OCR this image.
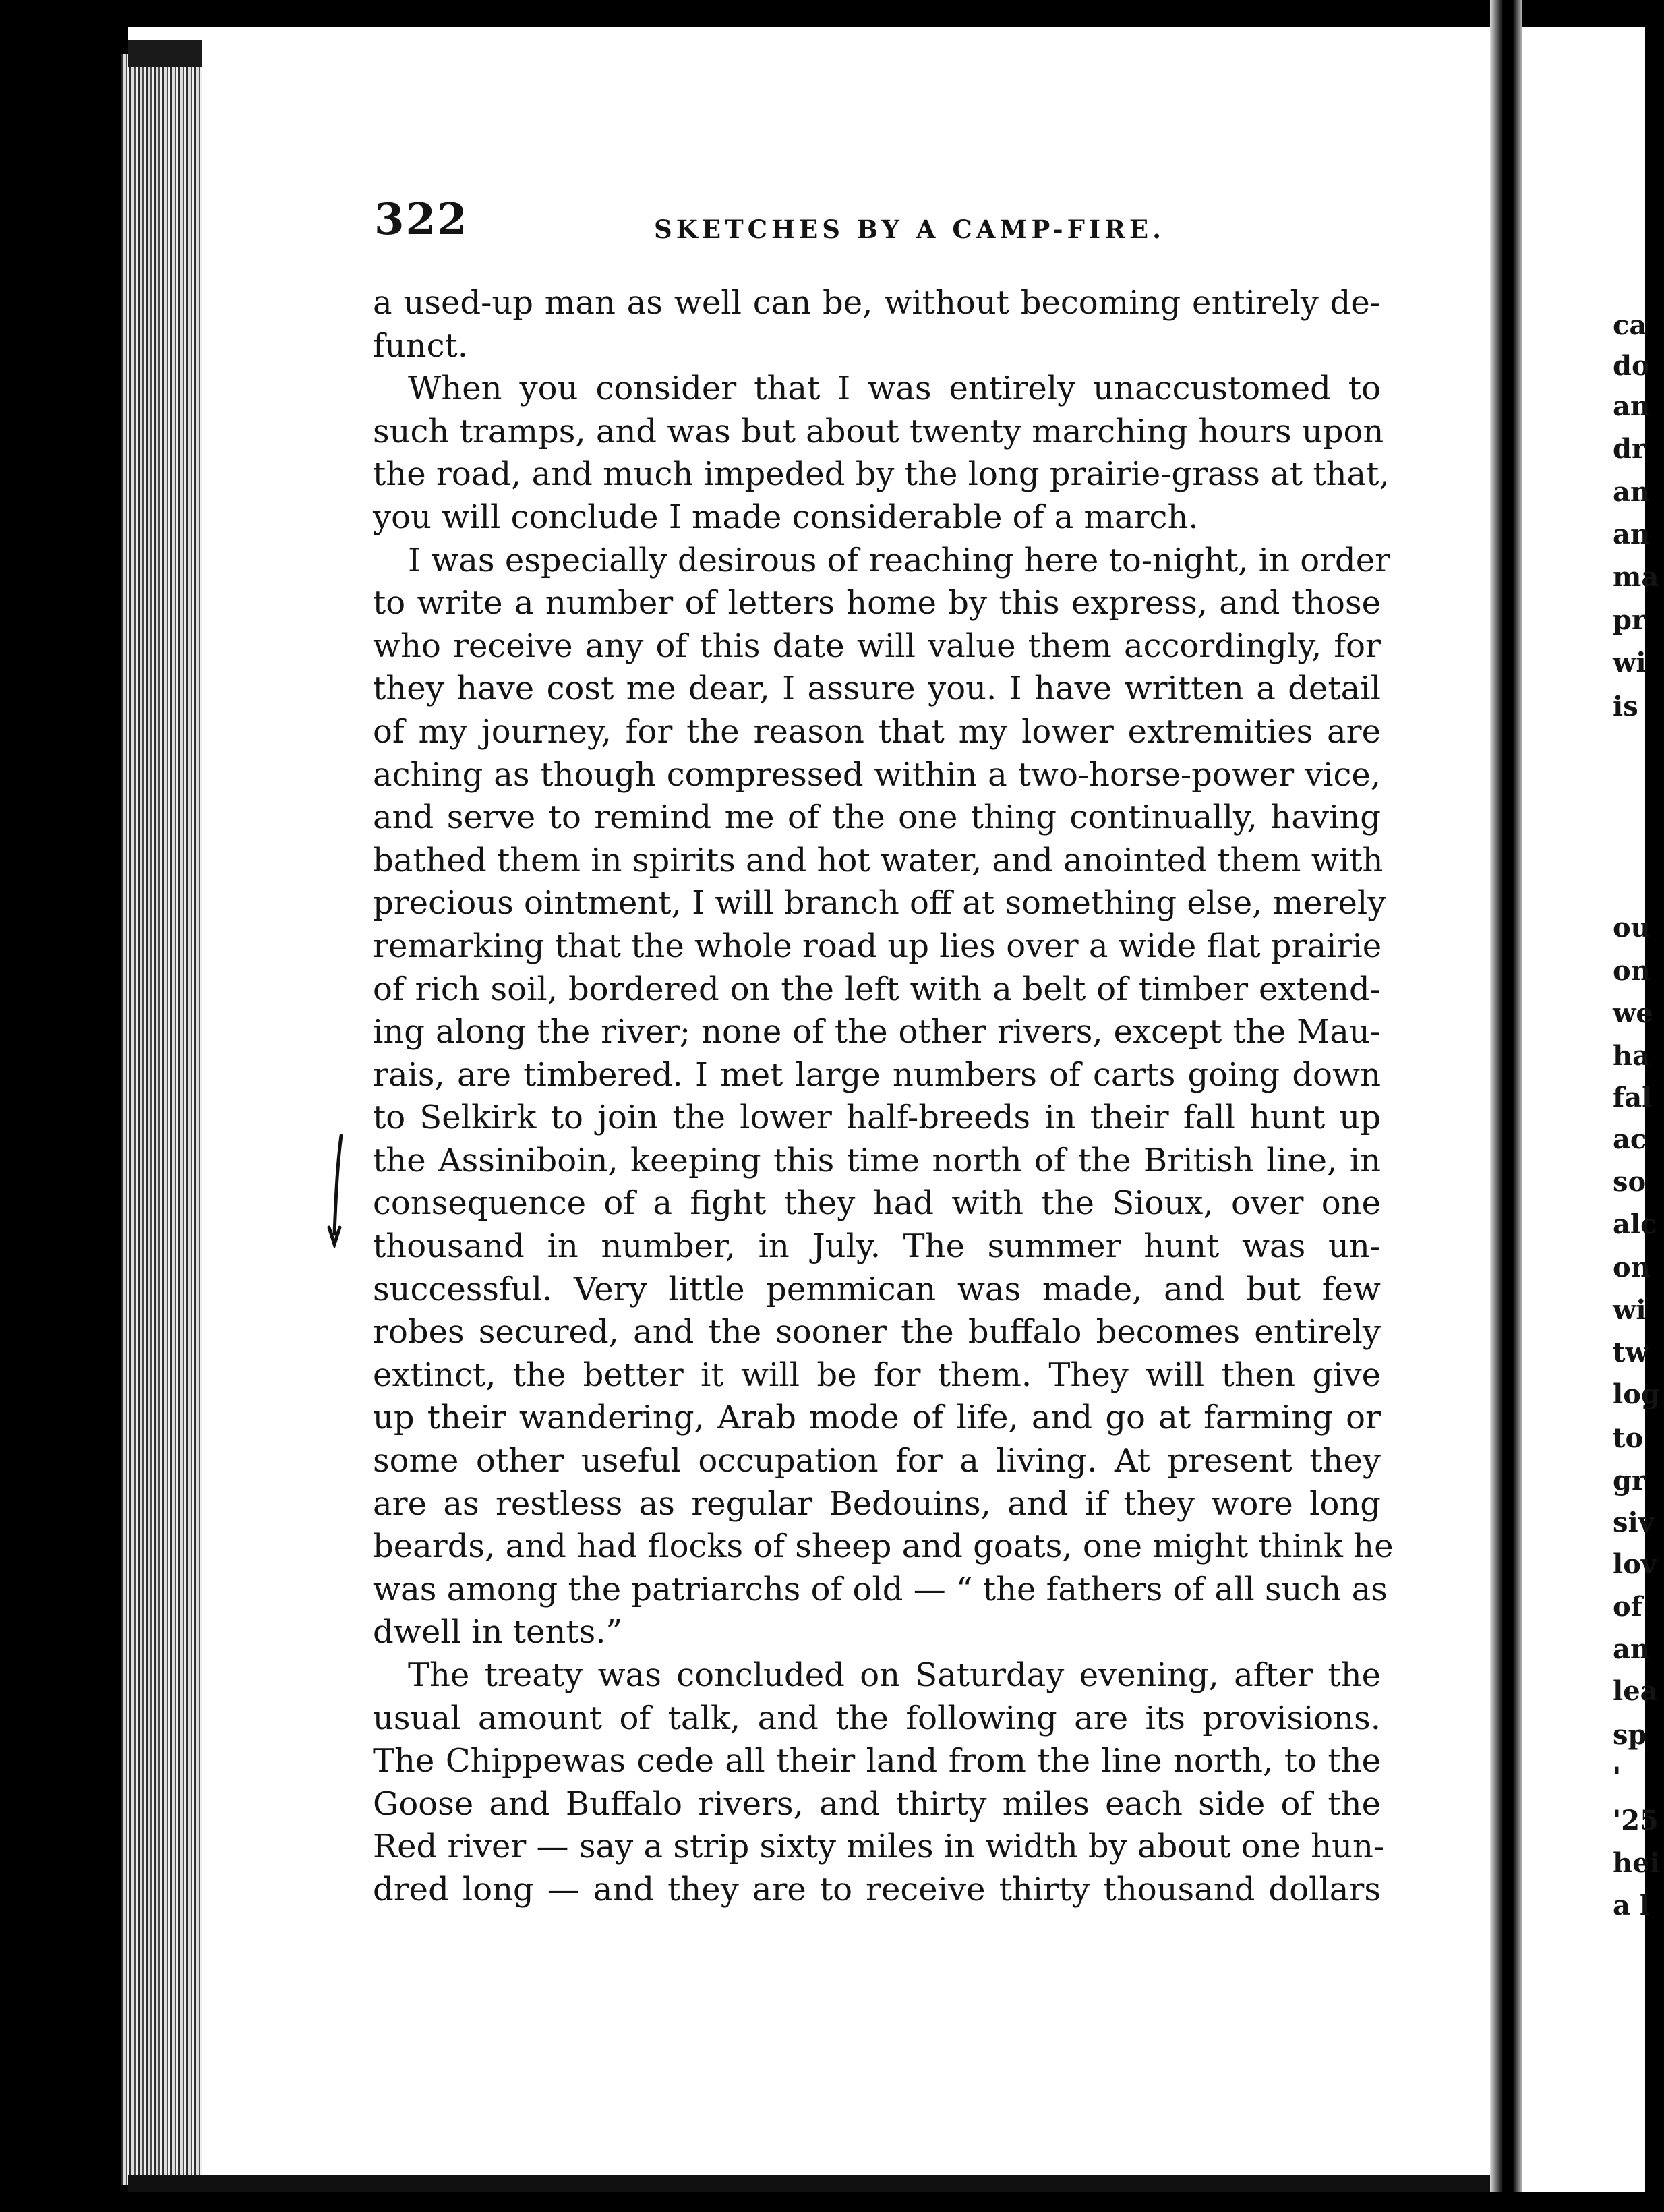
322	SKETCHES BY A CAMP-FIRE.
a used-up man as well can be, without becoming entirely de-
funct.
When you consider that I was entirely unaccustomed to
such tramps, and was but about twenty marching hours upon
the road, and much impeded by the long prairie-grass at that,
you will conclude I made considerable of a march.
I was especially desirous of reaching here to-night, in order
to write a number of letters home by this express, and those
who receive any of this date will value them accordingly, for
they have cost me dear, I assure you. I have written a detail
of my journey, for the reason that my lower extremities are
aching as though compressed within a two-horse-power vice,
and serve to remind me of the one thing continually, having
bathed them in spirits and hot water, and anointed them with
precious ointment, I will branch off at something else, merely
remarking that the whole road up lies over a wide flat prairie
of rich soil, bordered on the left with a belt of timber extend-
ing along the river; none of the other rivers, except the Mau-
rais, are timbered. I met large numbers of carts going down
to Selkirk to join the lower half-breeds in their fall hunt up
the Assiniboin, keeping this time north of the British line, in
consequence of a fight they had with the Sioux, over one
thousand in number, in July. The summer hunt was un-
successful. Very little pemmican was made, and but few
robes secured, and the sooner the buffalo becomes entirely
extinct, the better it will be for them. They will then give
up their wandering, Arab mode of life, and go at farming or
some other useful occupation for a living. At present they
are as restless as regular Bedouins, and if they wore long
beards, and had flocks of sheep and goats, one might think he
was among the patriarchs of old — “ the fathers of all such as
dwell in tents.”
The treaty was concluded on Saturday evening, after the
usual amount of talk, and the following are its provisions.
The Chippewas cede all their land from the line north, to the
Goose and Buffalo rivers, and thirty miles each side of the
Red river — say a strip sixty miles in width by about one hun-
dred long — and they are to receive thirty thousand dollars
ca
do
an
dr
an
an
ma
pr
wi
is
ou
on
we
ha
fal
ac
so
alc
on
wi
tw
log
to
gr
siv
lov
of
an
lea
sp
'
'25
hei
a l
